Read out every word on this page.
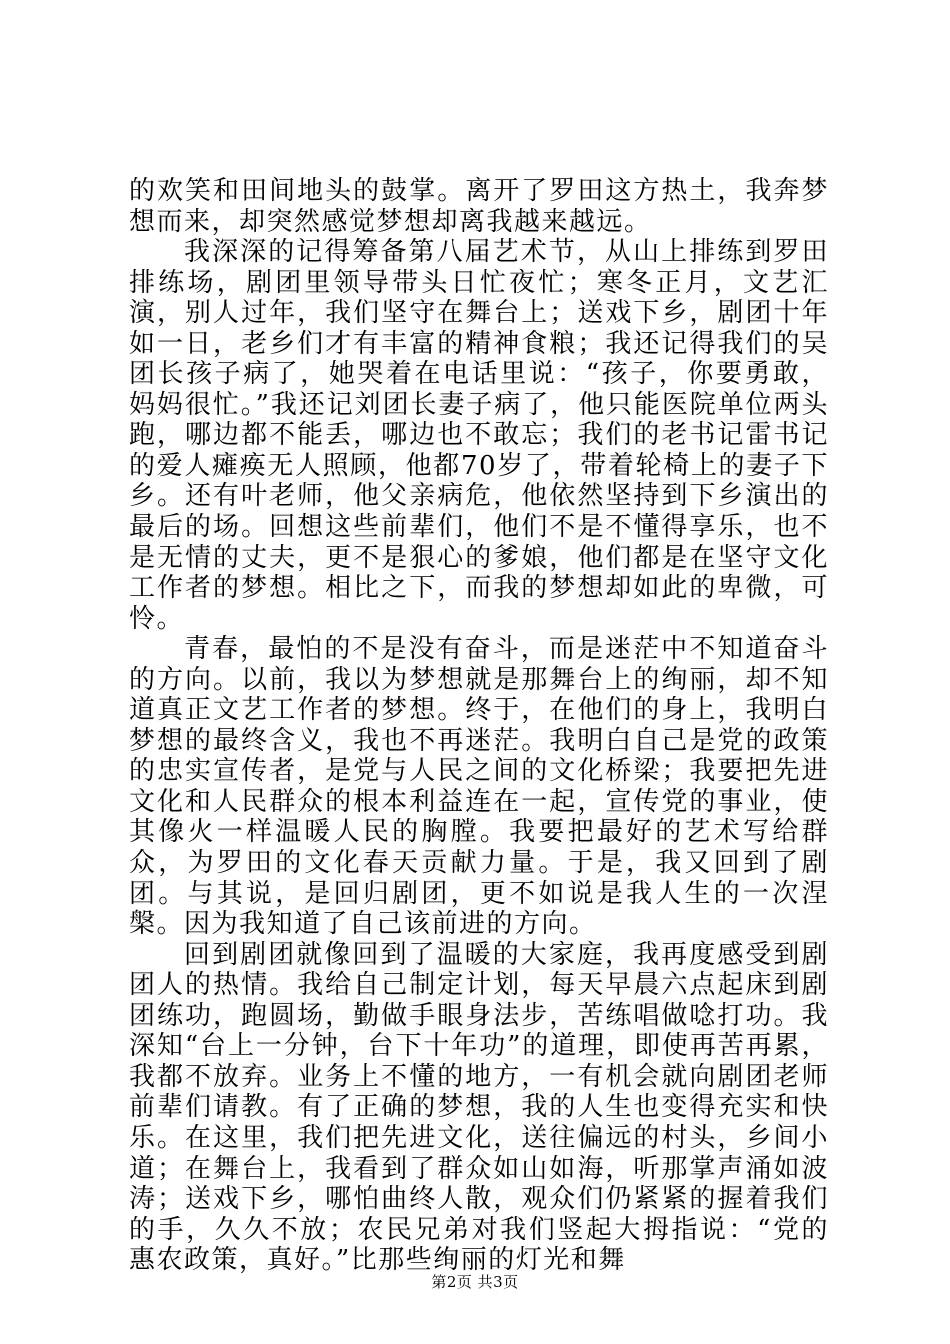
的欢笑和田间地头的鼓掌。离开了罗田这方热土，我奔梦想而来，却突然感觉梦想却离我越来越远。

我深深的记得筹备第八届艺术节，从山上排练到罗田排练场，剧团里领导带头日忙夜忙；寒冬正月，文艺汇演，别人过年，我们坚守在舞台上；送戏下乡，剧团十年如一日，老乡们才有丰富的精神食粮；我还记得我们的吴团长孩子病了，她哭着在电话里说：“孩子，你要勇敢，妈妈很忙。”我还记刘团长妻子病了，他只能医院单位两头跑，哪边都不能丢，哪边也不敢忘；我们的老书记雷书记的爱人瘫痪无人照顾，他都70岁了，带着轮椅上的妻子下乡。还有叶老师，他父亲病危，他依然坚持到下乡演出的最后的场。回想这些前辈们，他们不是不懂得享乐，也不是无情的丈夫，更不是狠心的爹娘，他们都是在坚守文化工作者的梦想。相比之下，而我的梦想却如此的卑微，可怜。

青春，最怕的不是没有奋斗，而是迷茫中不知道奋斗的方向。以前，我以为梦想就是那舞台上的绚丽，却不知道真正文艺工作者的梦想。终于，在他们的身上，我明白梦想的最终含义，我也不再迷茫。我明白自己是党的政策的忠实宣传者，是党与人民之间的文化桥梁；我要把先进文化和人民群众的根本利益连在一起，宣传党的事业，使其像火一样温暖人民的胸膛。我要把最好的艺术写给群众，为罗田的文化春天贡献力量。于是，我又回到了剧团。与其说，是回归剧团，更不如说是我人生的一次涅槃。因为我知道了自己该前进的方向。

回到剧团就像回到了温暖的大家庭，我再度感受到剧团人的热情。我给自己制定计划，每天早晨六点起床到剧团练功，跑圆场，勤做手眼身法步，苦练唱做唸打功。我深知“台上一分钟，台下十年功”的道理，即使再苦再累，我都不放弃。业务上不懂的地方，一有机会就向剧团老师前辈们请教。有了正确的梦想，我的人生也变得充实和快乐。在这里，我们把先进文化，送往偏远的村头，乡间小道；在舞台上，我看到了群众如山如海，听那掌声涌如波涛；送戏下乡，哪怕曲终人散，观众们仍紧紧的握着我们的手，久久不放；农民兄弟对我们竖起大拇指说：“党的惠农政策，真好。”比那些绚丽的灯光和舞

第2页 共3页
